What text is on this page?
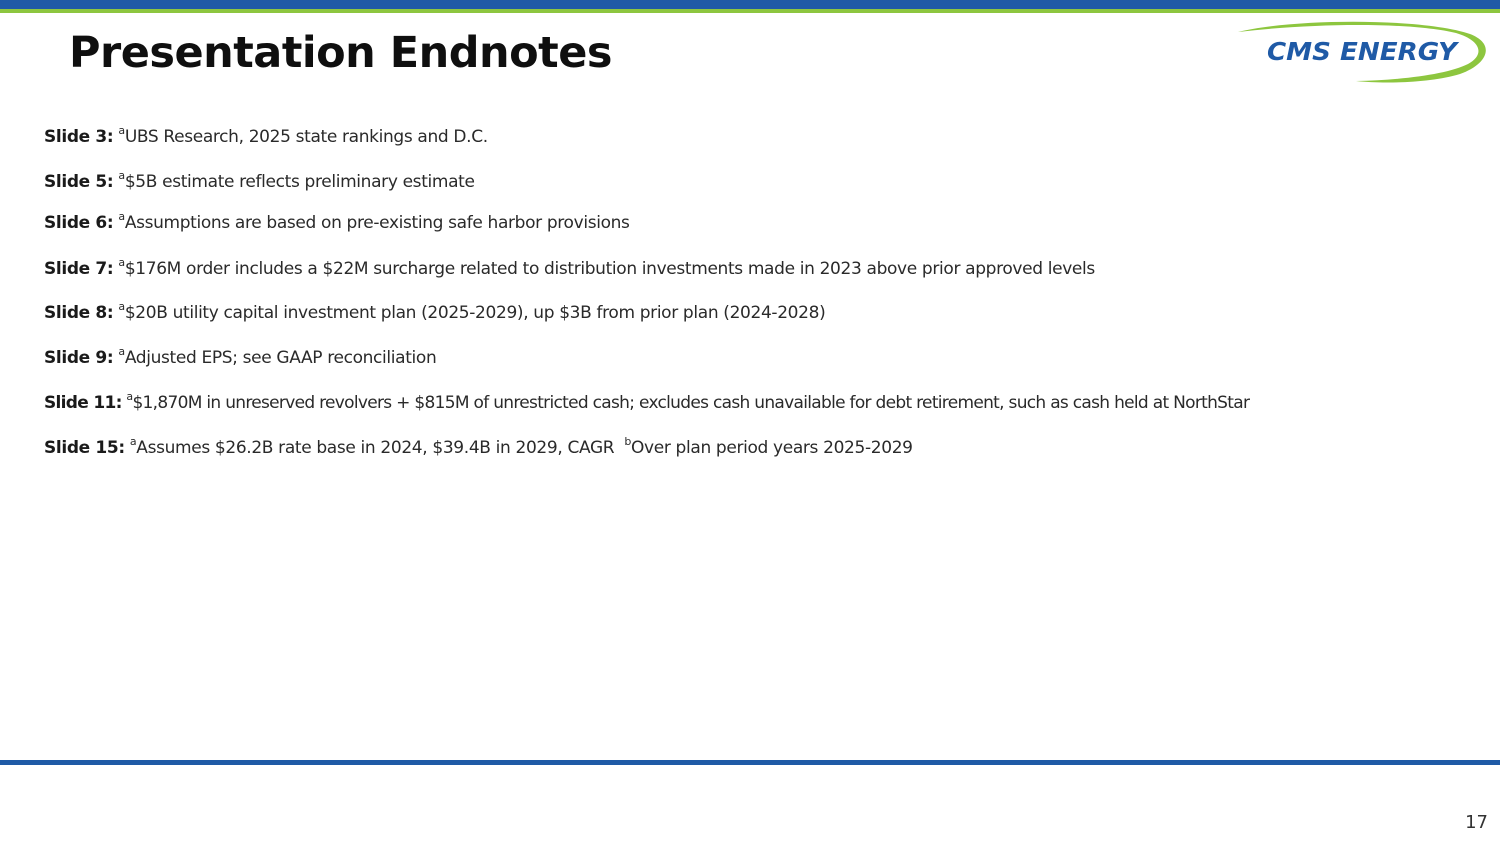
Presentation Endnotes	CMS ENERGY
Slide 3: $^a$UBS Research, 2025 state rankings and D.C.
Slide 5: $^a$\$5B estimate reflects preliminary estimate
Slide 6: $^a$Assumptions are based on pre-existing safe harbor provisions
Slide 7: $^a$\$176M order includes a $22M surcharge related to distribution investments made in 2023 above prior approved levels
Slide 8: $^a$\$20B utility capital investment plan (2025-2029), up $3B from prior plan (2024-2028)
Slide 9: $^a$Adjusted EPS; see GAAP reconciliation
Slide 11: $^a$\$1,870M in unreserved revolvers + $815M of unrestricted cash; excludes cash unavailable for debt retirement, such as cash held at NorthStar
Slide 15: $^a$Assumes $26.2B rate base in 2024, $39.4B in 2029, CAGR $^b$Over plan period years 2025-2029
17
